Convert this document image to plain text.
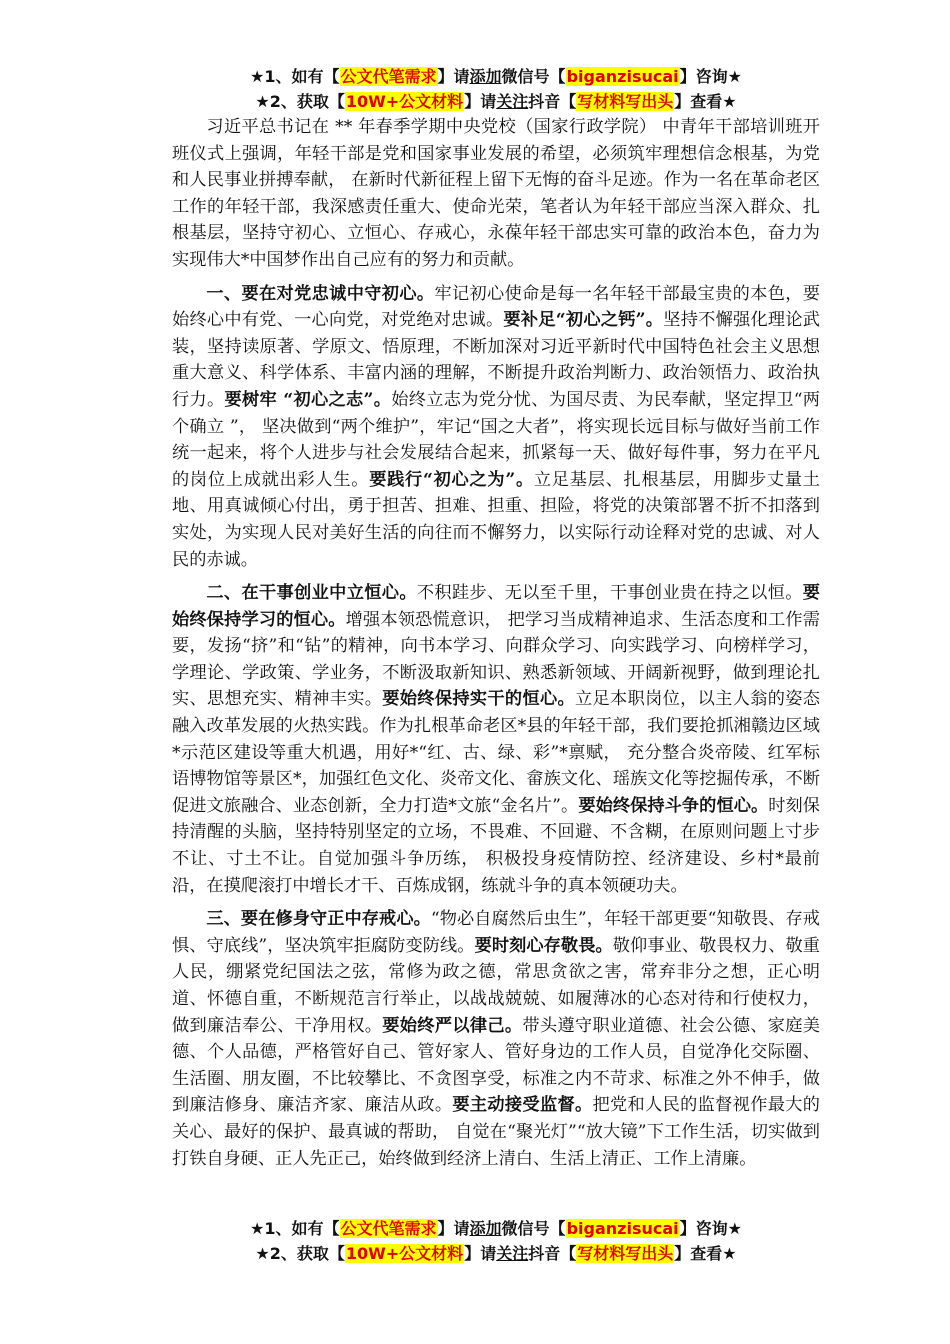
★1、如有【公文代笔需求】请添加微信号【biganzisucai】咨询★
★2、获取【10W+公文材料】请关注抖音【写材料写出头】查看★

习近平总书记在 ** 年春季学期中央党校（国家行政学院） 中青年干部培训班开班仪式上强调，年轻干部是党和国家事业发展的希望，必须筑牢理想信念根基，为党和人民事业拼搏奉献， 在新时代新征程上留下无悔的奋斗足迹。作为一名在革命老区工作的年轻干部，我深感责任重大、使命光荣，笔者认为年轻干部应当深入群众、扎根基层，坚持守初心、立恒心、存戒心，永葆年轻干部忠实可靠的政治本色，奋力为实现伟大*中国梦作出自己应有的努力和贡献。

一、要在对党忠诚中守初心。牢记初心使命是每一名年轻干部最宝贵的本色，要始终心中有党、一心向党，对党绝对忠诚。要补足“初心之钙”。坚持不懈强化理论武装，坚持读原著、学原文、悟原理，不断加深对习近平新时代中国特色社会主义思想重大意义、科学体系、丰富内涵的理解，不断提升政治判断力、政治领悟力、政治执行力。要树牢 “初心之志”。始终立志为党分忧、为国尽责、为民奉献，坚定捍卫“两个确立 ”， 坚决做到“两个维护”，牢记“国之大者”，将实现长远目标与做好当前工作统一起来，将个人进步与社会发展结合起来，抓紧每一天、做好每件事，努力在平凡的岗位上成就出彩人生。要践行“初心之为”。立足基层、扎根基层，用脚步丈量土地、用真诚倾心付出，勇于担苦、担难、担重、担险，将党的决策部署不折不扣落到实处，为实现人民对美好生活的向往而不懈努力，以实际行动诠释对党的忠诚、对人民的赤诚。

二、在干事创业中立恒心。不积跬步、无以至千里，干事创业贵在持之以恒。要始终保持学习的恒心。增强本领恐慌意识， 把学习当成精神追求、生活态度和工作需要，发扬“挤”和“钻”的精神，向书本学习、向群众学习、向实践学习、向榜样学习，学理论、学政策、学业务，不断汲取新知识、熟悉新领域、开阔新视野，做到理论扎实、思想充实、精神丰实。要始终保持实干的恒心。立足本职岗位，以主人翁的姿态融入改革发展的火热实践。作为扎根革命老区*县的年轻干部，我们要抢抓湘赣边区域*示范区建设等重大机遇，用好*“红、古、绿、彩”*禀赋， 充分整合炎帝陵、红军标语博物馆等景区*，加强红色文化、炎帝文化、畲族文化、瑶族文化等挖掘传承，不断促进文旅融合、业态创新，全力打造*文旅“金名片”。要始终保持斗争的恒心。时刻保持清醒的头脑，坚持特别坚定的立场，不畏难、不回避、不含糊，在原则问题上寸步不让、寸土不让。自觉加强斗争历练， 积极投身疫情防控、经济建设、乡村*最前沿，在摸爬滚打中增长才干、百炼成钢，练就斗争的真本领硬功夫。

三、要在修身守正中存戒心。“物必自腐然后虫生”，年轻干部更要“知敬畏、存戒惧、守底线”，坚决筑牢拒腐防变防线。要时刻心存敬畏。敬仰事业、敬畏权力、敬重人民，绷紧党纪国法之弦，常修为政之德，常思贪欲之害，常弃非分之想，正心明道、怀德自重，不断规范言行举止，以战战兢兢、如履薄冰的心态对待和行使权力，做到廉洁奉公、干净用权。要始终严以律己。带头遵守职业道德、社会公德、家庭美德、个人品德，严格管好自己、管好家人、管好身边的工作人员，自觉净化交际圈、生活圈、朋友圈，不比较攀比、不贪图享受，标准之内不苛求、标准之外不伸手，做到廉洁修身、廉洁齐家、廉洁从政。要主动接受监督。把党和人民的监督视作最大的关心、最好的保护、最真诚的帮助， 自觉在“聚光灯”“放大镜”下工作生活，切实做到打铁自身硬、正人先正己，始终做到经济上清白、生活上清正、工作上清廉。

★1、如有【公文代笔需求】请添加微信号【biganzisucai】咨询★
★2、获取【10W+公文材料】请关注抖音【写材料写出头】查看★
